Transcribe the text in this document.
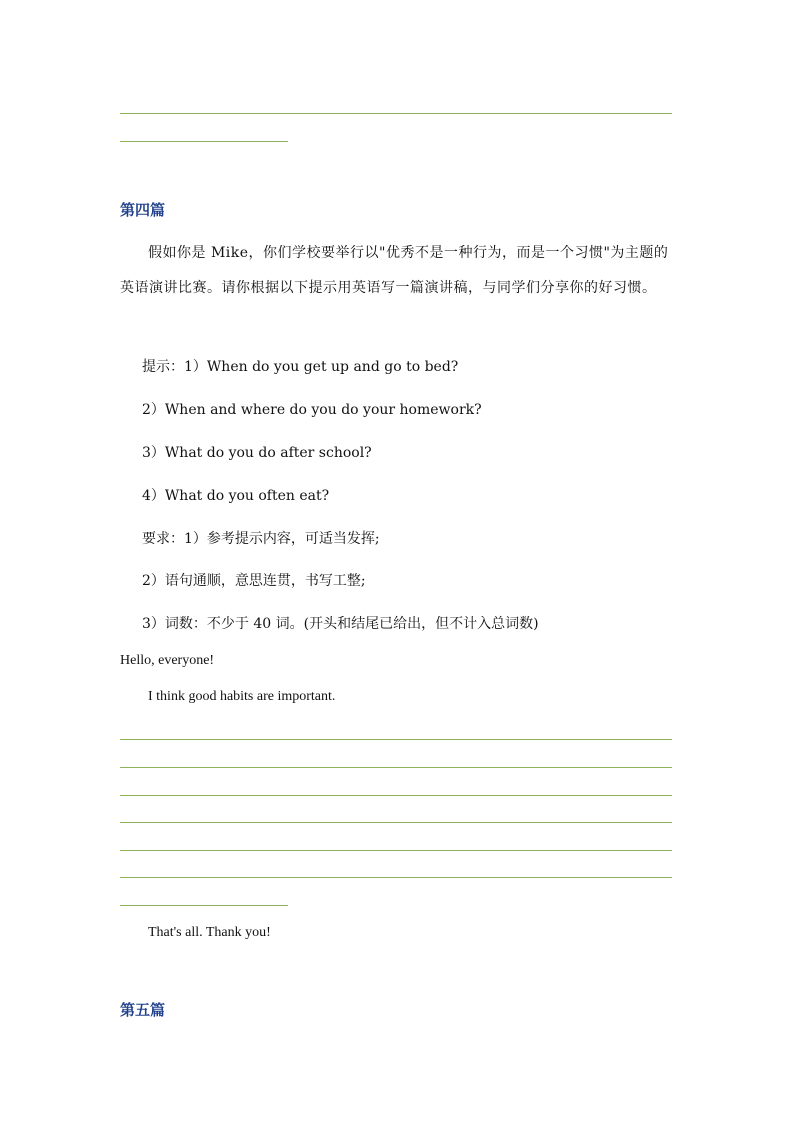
第四篇
假如你是 Mike，你们学校要举行以"优秀不是一种行为，而是一个习惯"为主题的英语演讲比赛。请你根据以下提示用英语写一篇演讲稿，与同学们分享你的好习惯。
提示：1）When do you get up and go to bed?
2）When and where do you do your homework?
3）What do you do after school?
4）What do you often eat?
要求：1）参考提示内容，可适当发挥;
2）语句通顺，意思连贯，书写工整;
3）词数：不少于 40 词。(开头和结尾已给出，但不计入总词数)
Hello, everyone!
I think good habits are important.
That's all. Thank you!
第五篇
